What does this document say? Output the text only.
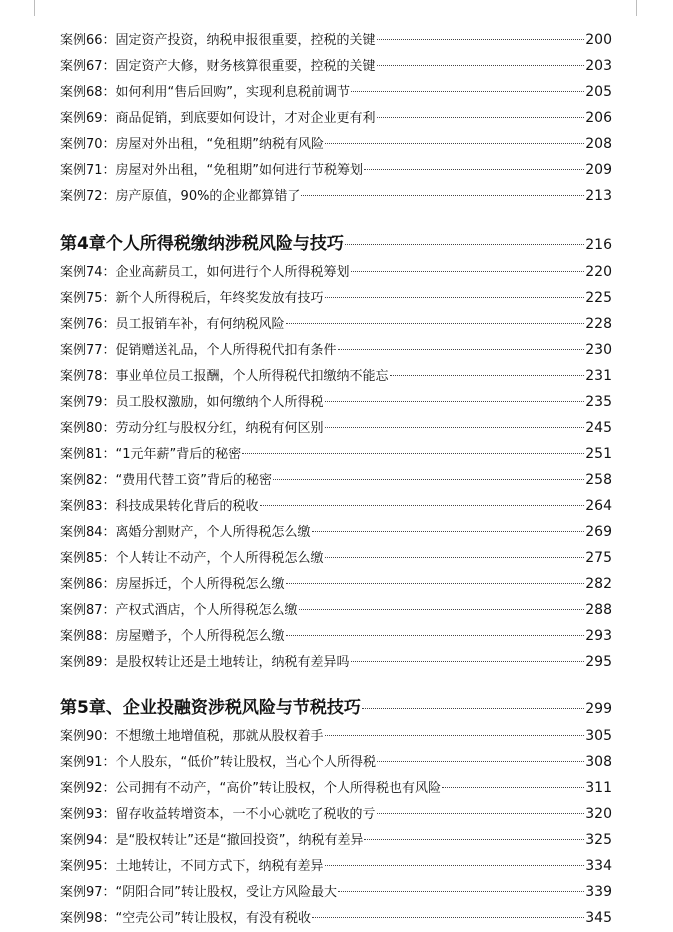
案例66：固定资产投资，纳税申报很重要，控税的关键	200
案例67：固定资产大修，财务核算很重要，控税的关键	203
案例68：如何利用“售后回购”，实现利息税前调节	205
案例69：商品促销，到底要如何设计，才对企业更有利	206
案例70：房屋对外出租，“免租期”纳税有风险	208
案例71：房屋对外出租，“免租期”如何进行节税筹划	209
案例72：房产原值，90%的企业都算错了	213
第4章个人所得税缴纳涉税风险与技巧	216
案例74：企业高薪员工，如何进行个人所得税筹划	220
案例75：新个人所得税后，年终奖发放有技巧	225
案例76：员工报销车补，有何纳税风险	228
案例77：促销赠送礼品，个人所得税代扣有条件	230
案例78：事业单位员工报酬，个人所得税代扣缴纳不能忘	231
案例79：员工股权激励，如何缴纳个人所得税	235
案例80：劳动分红与股权分红，纳税有何区别	245
案例81：“1元年薪”背后的秘密	251
案例82：“费用代替工资”背后的秘密	258
案例83：科技成果转化背后的税收	264
案例84：离婚分割财产，个人所得税怎么缴	269
案例85：个人转让不动产，个人所得税怎么缴	275
案例86：房屋拆迁，个人所得税怎么缴	282
案例87：产权式酒店，个人所得税怎么缴	288
案例88：房屋赠予，个人所得税怎么缴	293
案例89：是股权转让还是土地转让，纳税有差异吗	295
第5章、企业投融资涉税风险与节税技巧	299
案例90：不想缴土地增值税，那就从股权着手	305
案例91：个人股东，“低价”转让股权，当心个人所得税	308
案例92：公司拥有不动产，“高价”转让股权，个人所得税也有风险	311
案例93：留存收益转增资本，一不小心就吃了税收的亏	320
案例94：是“股权转让”还是“撤回投资”，纳税有差异	325
案例95：土地转让，不同方式下，纳税有差异	334
案例97：“阴阳合同”转让股权，受让方风险最大	339
案例98：“空壳公司”转让股权，有没有税收	345
